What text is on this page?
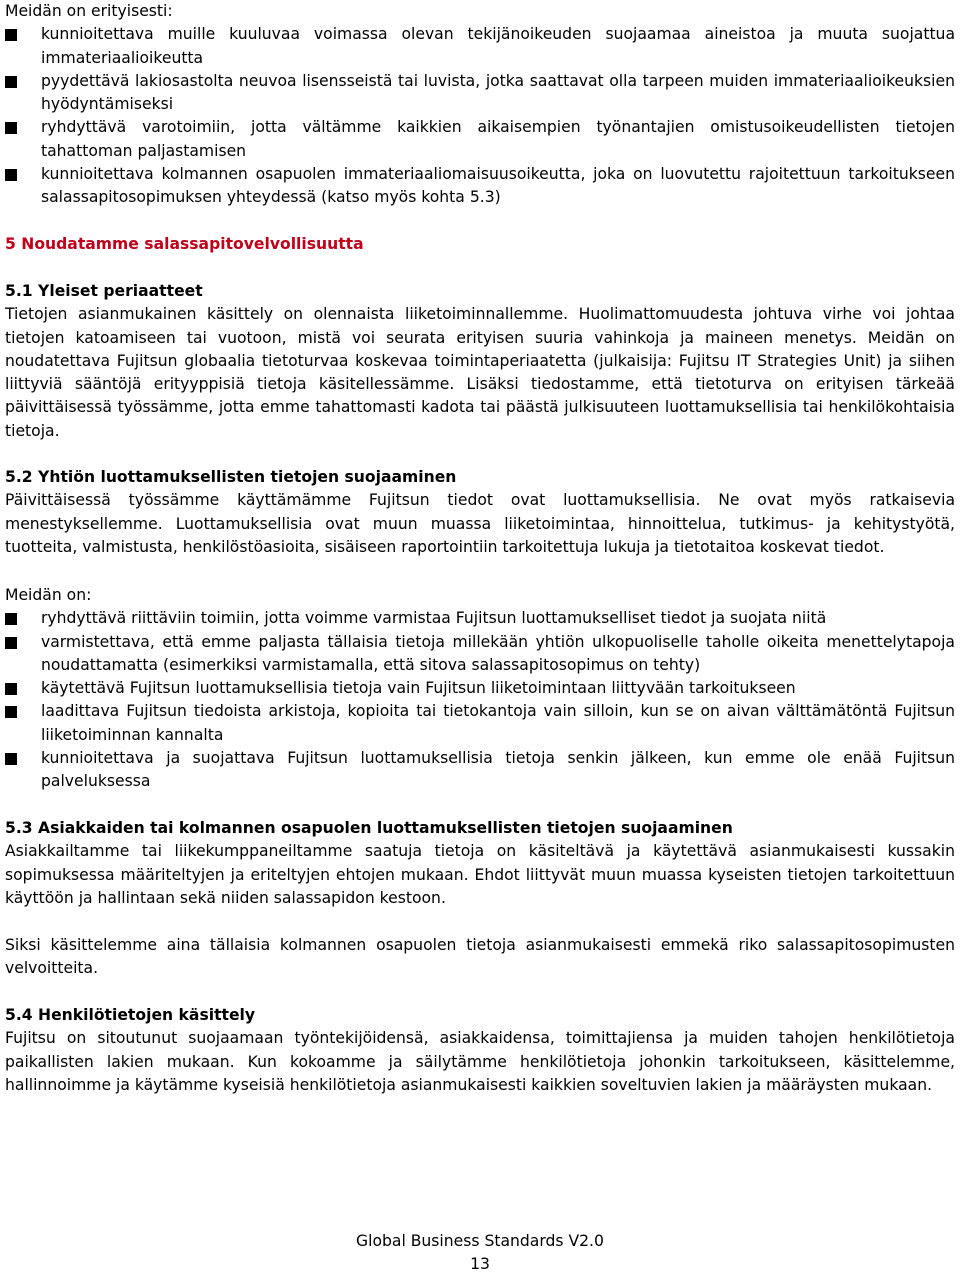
Meidän on erityisesti:

kunnioitettava muille kuuluvaa voimassa olevan tekijänoikeuden suojaamaa aineistoa ja muuta suojattua immateriaalioikeutta
pyydettävä lakiosastolta neuvoa lisensseistä tai luvista, jotka saattavat olla tarpeen muiden immateriaalioikeuksien hyödyntämiseksi
ryhdyttävä varotoimiin, jotta vältämme kaikkien aikaisempien työnantajien omistusoikeudellisten tietojen tahattoman paljastamisen
kunnioitettava kolmannen osapuolen immateriaaliomaisuusoikeutta, joka on luovutettu rajoitettuun tarkoitukseen salassapitosopimuksen yhteydessä (katso myös kohta 5.3)
5 Noudatamme salassapitovelvollisuutta

5.1 Yleiset periaatteet

Tietojen asianmukainen käsittely on olennaista liiketoiminnallemme. Huolimattomuudesta johtuva virhe voi johtaa tietojen katoamiseen tai vuotoon, mistä voi seurata erityisen suuria vahinkoja ja maineen menetys. Meidän on noudatettava Fujitsun globaalia tietoturvaa koskevaa toimintaperiaatetta (julkaisija: Fujitsu IT Strategies Unit) ja siihen liittyviä sääntöjä erityyppisiä tietoja käsitellessämme. Lisäksi tiedostamme, että tietoturva on erityisen tärkeää päivittäisessä työssämme, jotta emme tahattomasti kadota tai päästä julkisuuteen luottamuksellisia tai henkilökohtaisia tietoja.

5.2 Yhtiön luottamuksellisten tietojen suojaaminen

Päivittäisessä työssämme käyttämämme Fujitsun tiedot ovat luottamuksellisia. Ne ovat myös ratkaisevia menestyksellemme. Luottamuksellisia ovat muun muassa liiketoimintaa, hinnoittelua, tutkimus- ja kehitystyötä, tuotteita, valmistusta, henkilöstöasioita, sisäiseen raportointiin tarkoitettuja lukuja ja tietotaitoa koskevat tiedot.

Meidän on:

ryhdyttävä riittäviin toimiin, jotta voimme varmistaa Fujitsun luottamukselliset tiedot ja suojata niitä
varmistettava, että emme paljasta tällaisia tietoja millekään yhtiön ulkopuoliselle taholle oikeita menettelytapoja noudattamatta (esimerkiksi varmistamalla, että sitova salassapitosopimus on tehty)
käytettävä Fujitsun luottamuksellisia tietoja vain Fujitsun liiketoimintaan liittyvään tarkoitukseen
laadittava Fujitsun tiedoista arkistoja, kopioita tai tietokantoja vain silloin, kun se on aivan välttämätöntä Fujitsun liiketoiminnan kannalta
kunnioitettava ja suojattava Fujitsun luottamuksellisia tietoja senkin jälkeen, kun emme ole enää Fujitsun palveluksessa

5.3 Asiakkaiden tai kolmannen osapuolen luottamuksellisten tietojen suojaaminen

Asiakkailtamme tai liikekumppaneiltamme saatuja tietoja on käsiteltävä ja käytettävä asianmukaisesti kussakin sopimuksessa määriteltyjen ja eriteltyjen ehtojen mukaan. Ehdot liittyvät muun muassa kyseisten tietojen tarkoitettuun käyttöön ja hallintaan sekä niiden salassapidon kestoon.

Siksi käsittelemme aina tällaisia kolmannen osapuolen tietoja asianmukaisesti emmekä riko salassapitosopimusten velvoitteita.

5.4 Henkilötietojen käsittely

Fujitsu on sitoutunut suojaamaan työntekijöidensä, asiakkaidensa, toimittajiensa ja muiden tahojen henkilötietoja paikallisten lakien mukaan. Kun kokoamme ja säilytämme henkilötietoja johonkin tarkoitukseen, käsittelemme, hallinnoimme ja käytämme kyseisiä henkilötietoja asianmukaisesti kaikkien soveltuvien lakien ja määräysten mukaan.

Global Business Standards V2.0
13
